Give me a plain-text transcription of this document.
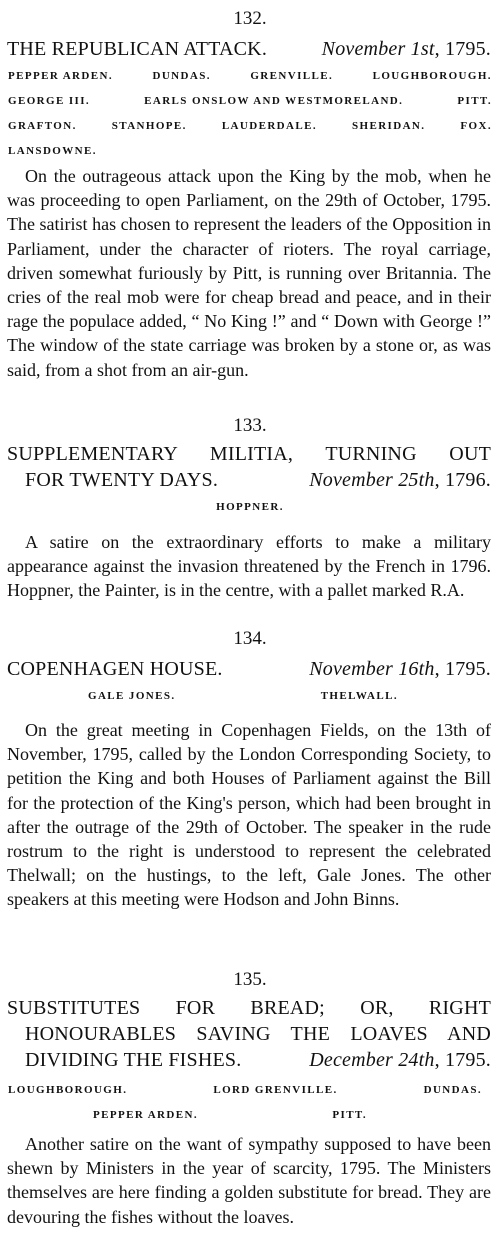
132.
THE REPUBLICAN ATTACK.	November 1st, 1795.
PEPPER ARDEN.	DUNDAS.	GRENVILLE.	LOUGHBOROUGH.
GEORGE III.	EARLS ONSLOW AND WESTMORELAND.	PITT.
GRAFTON.	STANHOPE.	LAUDERDALE.	SHERIDAN.	FOX.
LANSDOWNE.
On the outrageous attack upon the King by the mob, when he was proceeding to open Parliament, on the 29th of October, 1795. The satirist has chosen to represent the leaders of the Opposition in Parliament, under the character of rioters. The royal carriage, driven somewhat furiously by Pitt, is running over Britannia. The cries of the real mob were for cheap bread and peace, and in their rage the populace added, “ No King !” and “ Down with George !” The window of the state carriage was broken by a stone or, as was said, from a shot from an air-gun.
133.
SUPPLEMENTARY MILITIA, TURNING OUT
FOR TWENTY DAYS.	November 25th, 1796.
HOPPNER.
A satire on the extraordinary efforts to make a military appearance against the invasion threatened by the French in 1796. Hoppner, the Painter, is in the centre, with a pallet marked R.A.
134.
COPENHAGEN HOUSE.	November 16th, 1795.
GALE JONES.	THELWALL.
On the great meeting in Copenhagen Fields, on the 13th of November, 1795, called by the London Corresponding Society, to petition the King and both Houses of Parliament against the Bill for the protection of the King's person, which had been brought in after the outrage of the 29th of October. The speaker in the rude rostrum to the right is understood to represent the celebrated Thelwall; on the hustings, to the left, Gale Jones. The other speakers at this meeting were Hodson and John Binns.
135.
SUBSTITUTES FOR BREAD; OR, RIGHT
HONOURABLES SAVING THE LOAVES AND
DIVIDING THE FISHES.	December 24th, 1795.
LOUGHBOROUGH.	LORD GRENVILLE.	DUNDAS.
PEPPER ARDEN.	PITT.
Another satire on the want of sympathy supposed to have been shewn by Ministers in the year of scarcity, 1795. The Ministers themselves are here finding a golden substitute for bread. They are devouring the fishes without the loaves.
